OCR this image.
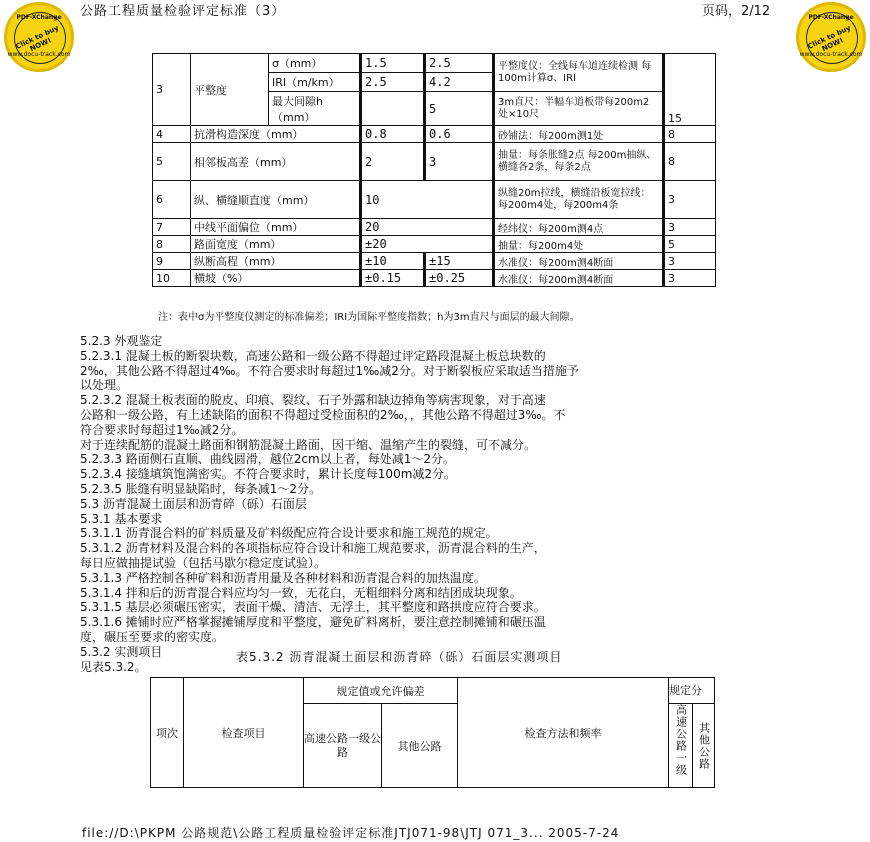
公路工程质量检验评定标准（3）	页码，2/12
PDF-XChange
Click to buy NOW!
www.docu-track.com
PDF-XChange
Click to buy NOW!
www.docu-track.com
3	平整度	σ（mm）	1.5	2.5	平整度仪：全线每车道连续检测 每100m计算σ、IRI	15
		IRI（m/km）	2.5	4.2		
		最大间隙h（mm）		5	3m直尺：半幅车道板带每200m2处×10尺	
4	抗滑构造深度（mm）		0.8	0.6	砂铺法：每200m测1处	8
5	相邻板高差（mm）		2	3	抽量：每条胀缝2点 每200m抽纵、横缝各2条，每条2点	8
6	纵、横缝顺直度（mm）		10		纵缝20m拉线，横缝沿板宽拉线：每200m4处，每200m4条	3
7	中线平面偏位（mm）		20		经纬仪：每200m测4点	3
8	路面宽度（mm）		±20		抽量：每200m4处	5
9	纵断高程（mm）		±10	±15	水准仪：每200m测4断面	3
10	横坡（%）		±0.15	±0.25	水准仪：每200m测4断面	3
注：表中σ为平整度仪测定的标准偏差；IRI为国际平整度指数；h为3m直尺与面层的最大间隙。

5.2.3 外观鉴定

5.2.3.1 混凝土板的断裂块数，高速公路和一级公路不得超过评定路段混凝土板总块数的

2‰，其他公路不得超过4‰。不符合要求时每超过1‰减2分。对于断裂板应采取适当措施予

以处理。

5.2.3.2 混凝土板表面的脱皮、印痕、裂纹、石子外露和缺边掉角等病害现象，对于高速

公路和一级公路，有上述缺陷的面积不得超过受检面积的2‰，，其他公路不得超过3‰。不

符合要求时每超过1‰减2分。

对于连续配筋的混凝土路面和钢筋混凝土路面，因干缩、温缩产生的裂缝，可不减分。

5.2.3.3 路面侧石直顺、曲线圆滑，越位2cm以上者，每处减1～2分。

5.2.3.4 接缝填筑饱满密实。不符合要求时，累计长度每100m减2分。

5.2.3.5 胀缝有明显缺陷时，每条减1～2分。

5.3 沥青混凝土面层和沥青碎（砾）石面层

5.3.1 基本要求

5.3.1.1 沥青混合料的矿料质量及矿料级配应符合设计要求和施工规范的规定。

5.3.1.2 沥青材料及混合料的各项指标应符合设计和施工规范要求，沥青混合料的生产，

每日应做抽提试验（包括马歇尔稳定度试验）。

5.3.1.3 严格控制各种矿料和沥青用量及各种材料和沥青混合料的加热温度。

5.3.1.4 拌和后的沥青混合料应均匀一致，无花白，无粗细料分离和结团成块现象。

5.3.1.5 基层必须碾压密实，表面干燥、清洁、无浮土，其平整度和路拱度应符合要求。

5.3.1.6 摊铺时应严格掌握摊铺厚度和平整度，避免矿料离析，要注意控制摊铺和碾压温

度，碾压至要求的密实度。

5.3.2 实测项目

见表5.3.2。

表5.3.2 沥青混凝土面层和沥青碎（砾）石面层实测项目
项次	检查项目	规定值或允许偏差		检查方法和频率	规定分	
		高速公路一级公路	其他公路		高速公路一级	其他公路
file://D:\PKPM 公路规范\公路工程质量检验评定标准JTJ071-98\JTJ 071_3... 2005-7-24
